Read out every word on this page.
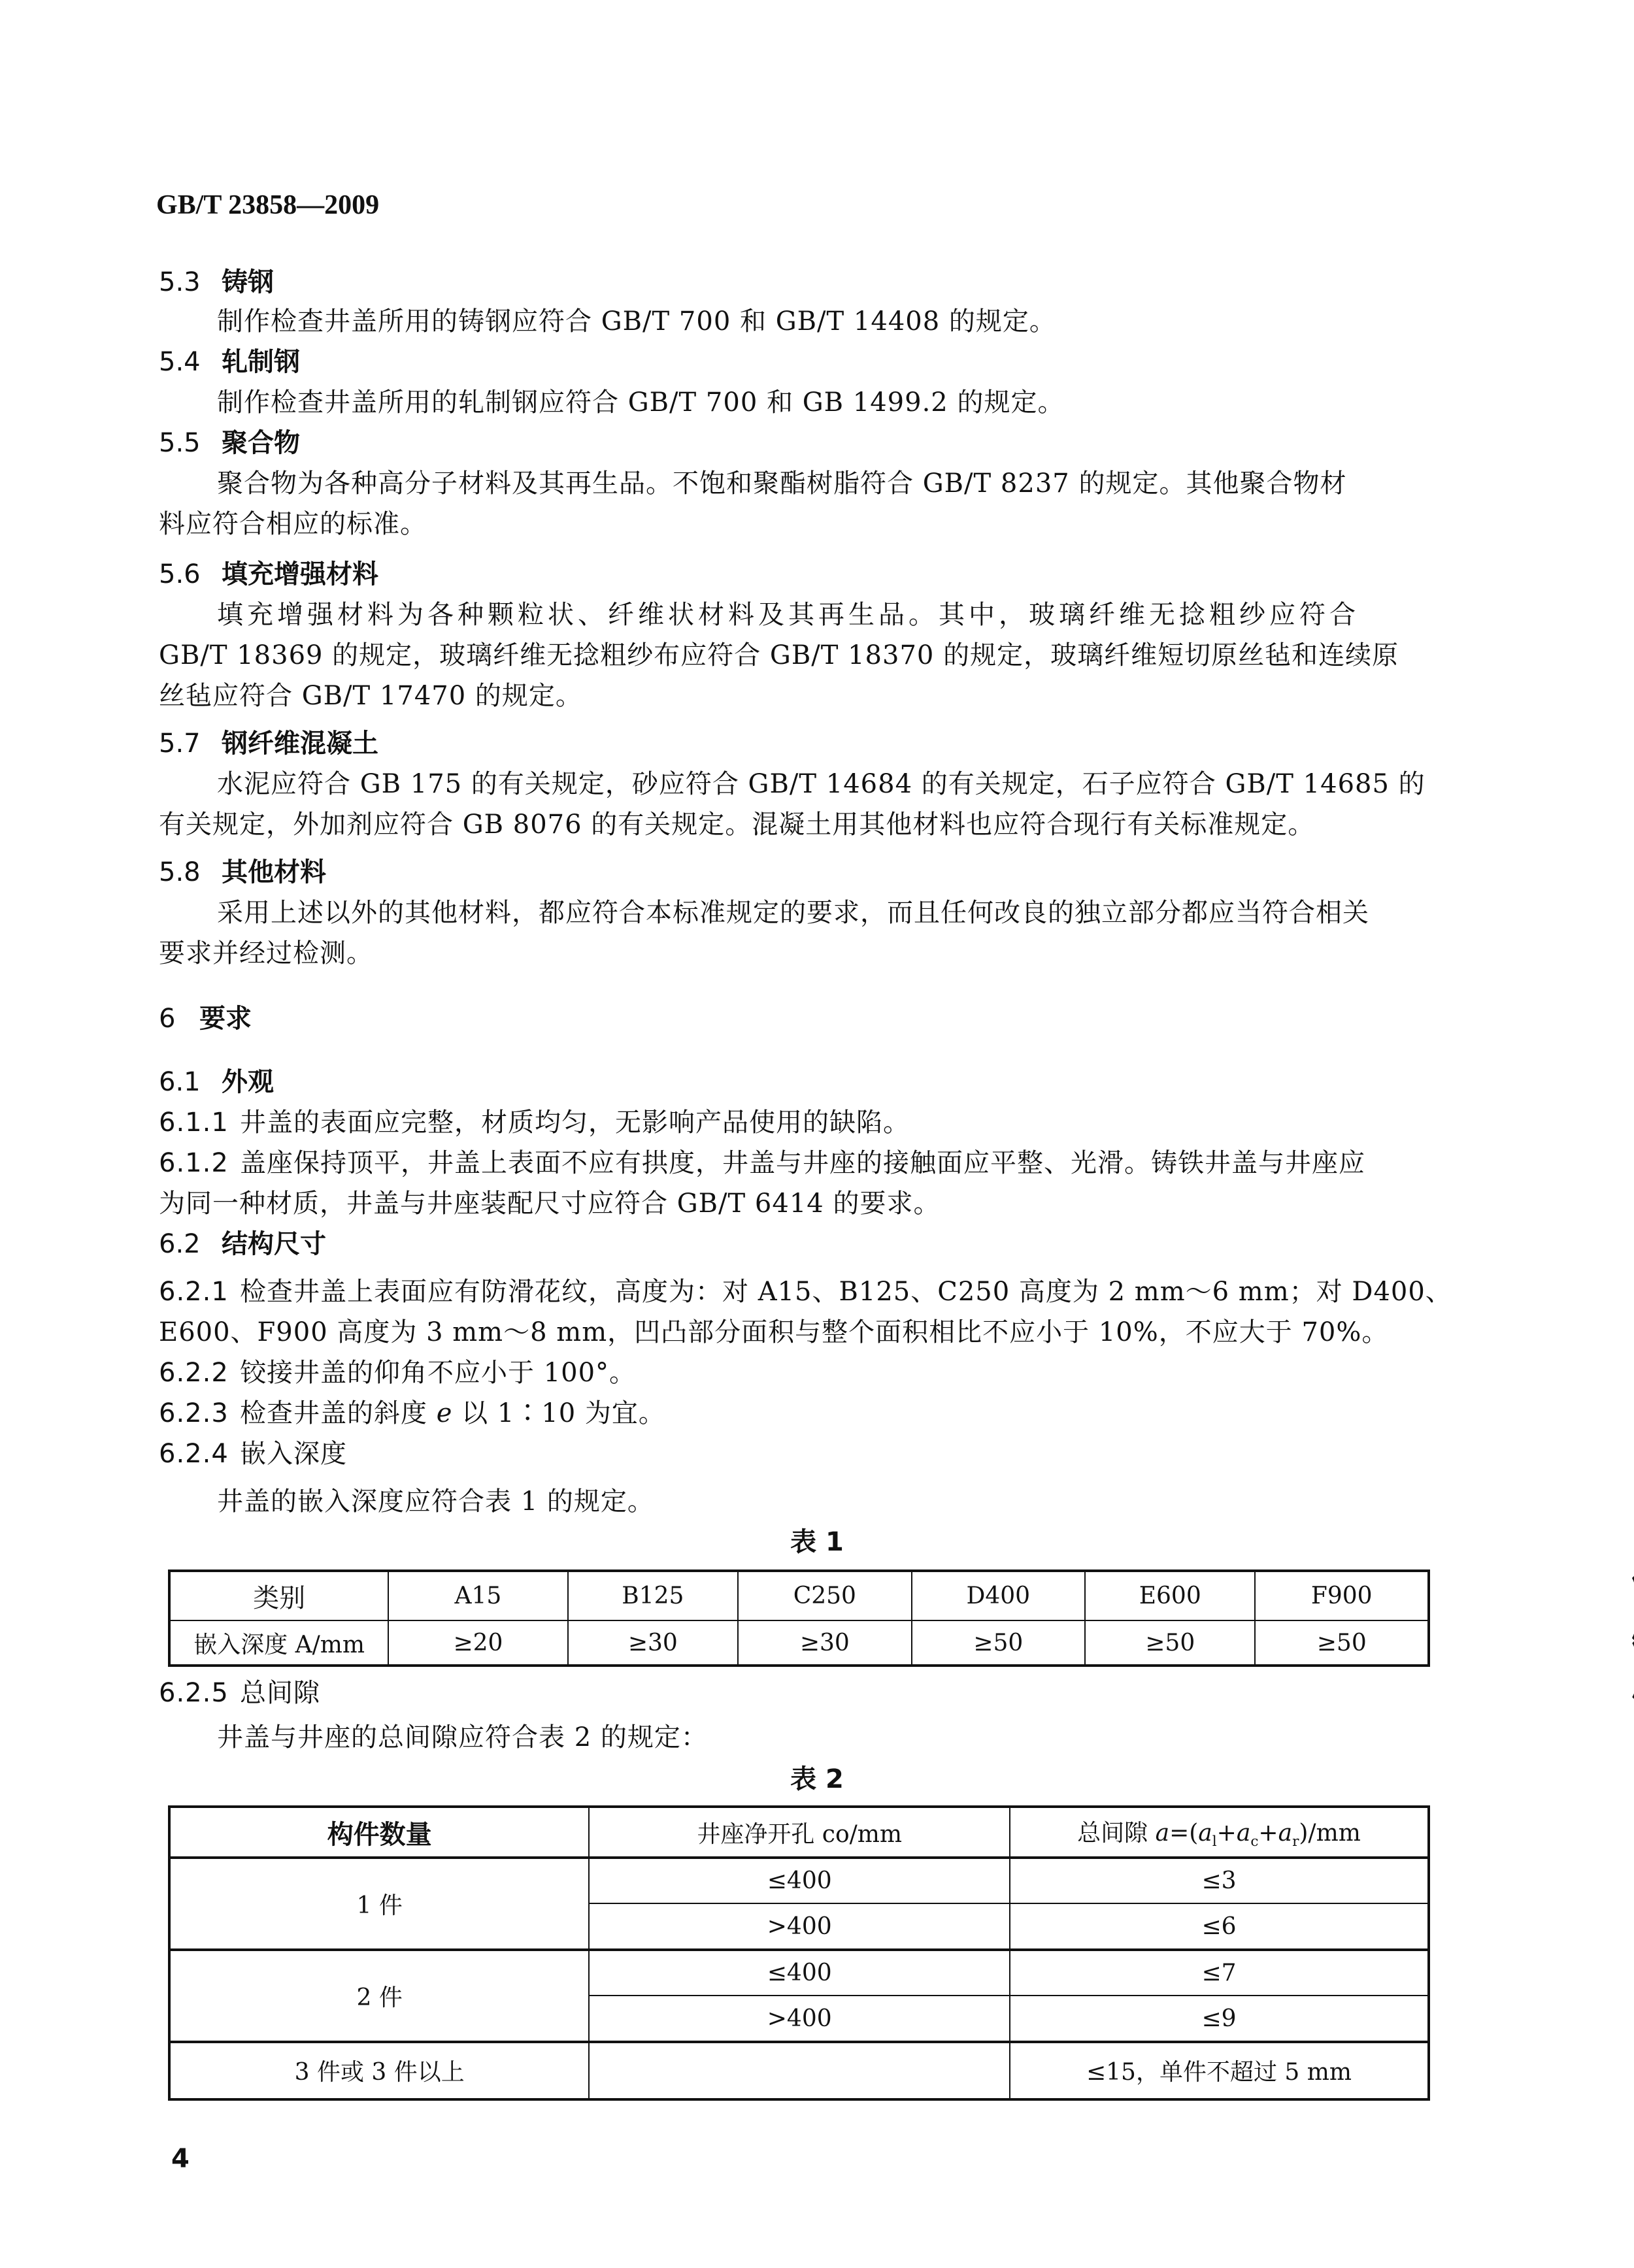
GB/T 23858—2009
5.3 铸钢
制作检查井盖所用的铸钢应符合 GB/T 700 和 GB/T 14408 的规定。
5.4 轧制钢
制作检查井盖所用的轧制钢应符合 GB/T 700 和 GB 1499.2 的规定。
5.5 聚合物
聚合物为各种高分子材料及其再生品。不饱和聚酯树脂符合 GB/T 8237 的规定。其他聚合物材
料应符合相应的标准。
5.6 填充增强材料
填充增强材料为各种颗粒状、纤维状材料及其再生品。其中，玻璃纤维无捻粗纱应符合
GB/T 18369 的规定，玻璃纤维无捻粗纱布应符合 GB/T 18370 的规定，玻璃纤维短切原丝毡和连续原
丝毡应符合 GB/T 17470 的规定。
5.7 钢纤维混凝土
水泥应符合 GB 175 的有关规定，砂应符合 GB/T 14684 的有关规定，石子应符合 GB/T 14685 的
有关规定，外加剂应符合 GB 8076 的有关规定。混凝土用其他材料也应符合现行有关标准规定。
5.8 其他材料
采用上述以外的其他材料，都应符合本标准规定的要求，而且任何改良的独立部分都应当符合相关
要求并经过检测。
6 要求
6.1 外观
6.1.1 井盖的表面应完整，材质均匀，无影响产品使用的缺陷。
6.1.2 盖座保持顶平，井盖上表面不应有拱度，井盖与井座的接触面应平整、光滑。铸铁井盖与井座应
为同一种材质，井盖与井座装配尺寸应符合 GB/T 6414 的要求。
6.2 结构尺寸
6.2.1 检查井盖上表面应有防滑花纹，高度为：对 A15、B125、C250 高度为 2 mm～6 mm；对 D400、
E600、F900 高度为 3 mm～8 mm，凹凸部分面积与整个面积相比不应小于 10%，不应大于 70%。
6.2.2 铰接井盖的仰角不应小于 100°。
6.2.3 检查井盖的斜度 e 以 1∶10 为宜。
6.2.4 嵌入深度
井盖的嵌入深度应符合表 1 的规定。
表 1
类别	A15	B125	C250	D400	E600	F900
嵌入深度 A/mm	≥20	≥30	≥30	≥50	≥50	≥50
6.2.5 总间隙
井盖与井座的总间隙应符合表 2 的规定：
表 2
构件数量	井座净开孔 co/mm	总间隙 $a=(a_l+a_c+a_r)/mm$
1 件	≤400	≤3
	>400	≤6
2 件	≤400	≤7
	>400	≤9
3 件或 3 件以上		≤15，单件不超过 5 mm
4
